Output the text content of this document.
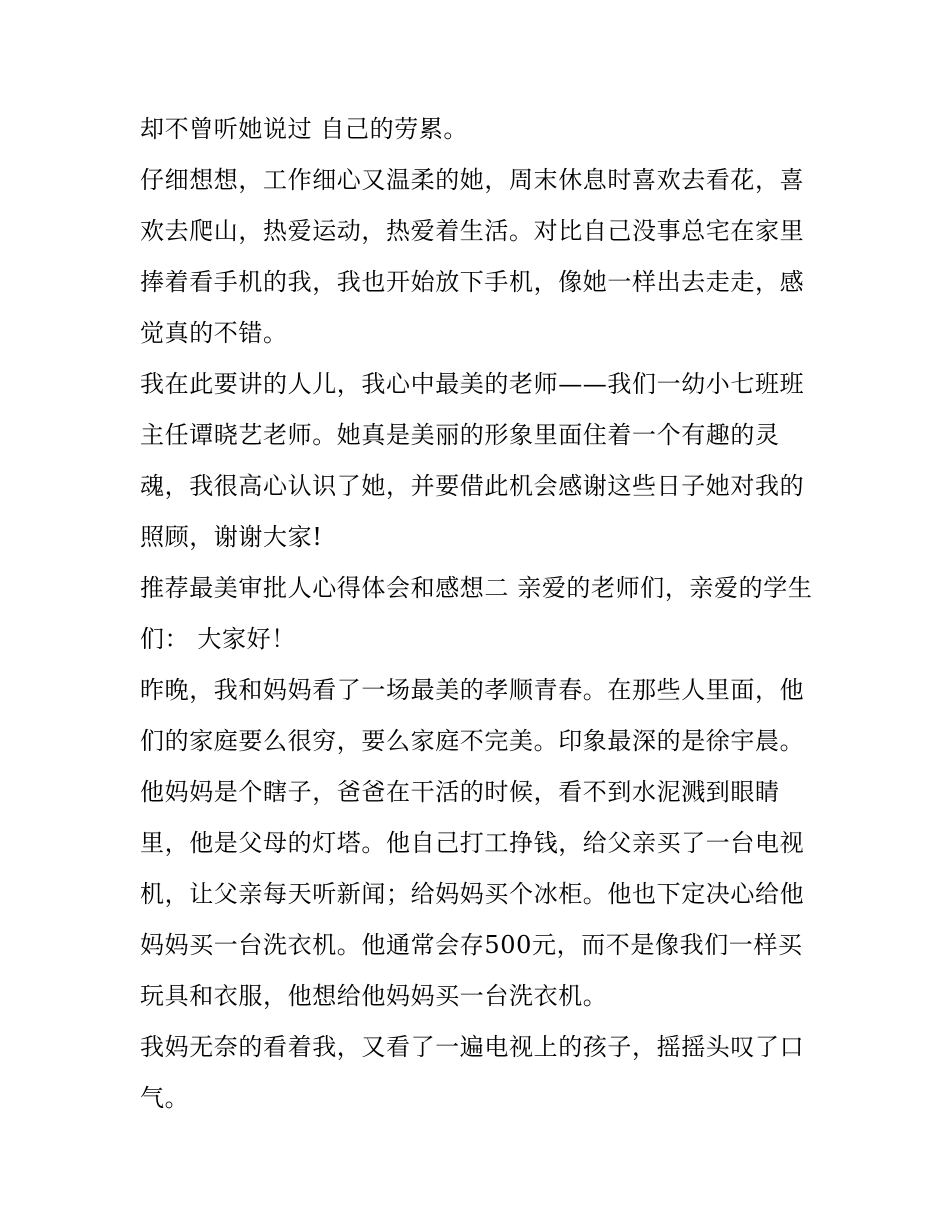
却不曾听她说过 自己的劳累。

仔细想想，工作细心又温柔的她，周末休息时喜欢去看花，喜欢去爬山，热爱运动，热爱着生活。对比自己没事总宅在家里捧着看手机的我，我也开始放下手机，像她一样出去走走，感觉真的不错。

我在此要讲的人儿，我心中最美的老师——我们一幼小七班班主任谭晓艺老师。她真是美丽的形象里面住着一个有趣的灵魂，我很高心认识了她，并要借此机会感谢这些日子她对我的照顾，谢谢大家!

推荐最美审批人心得体会和感想二 亲爱的老师们，亲爱的学生们： 大家好！

昨晚，我和妈妈看了一场最美的孝顺青春。在那些人里面，他们的家庭要么很穷，要么家庭不完美。印象最深的是徐宇晨。他妈妈是个瞎子，爸爸在干活的时候，看不到水泥溅到眼睛里，他是父母的灯塔。他自己打工挣钱，给父亲买了一台电视机，让父亲每天听新闻；给妈妈买个冰柜。他也下定决心给他妈妈买一台洗衣机。他通常会存500元，而不是像我们一样买玩具和衣服，他想给他妈妈买一台洗衣机。

我妈无奈的看着我，又看了一遍电视上的孩子，摇摇头叹了口气。
